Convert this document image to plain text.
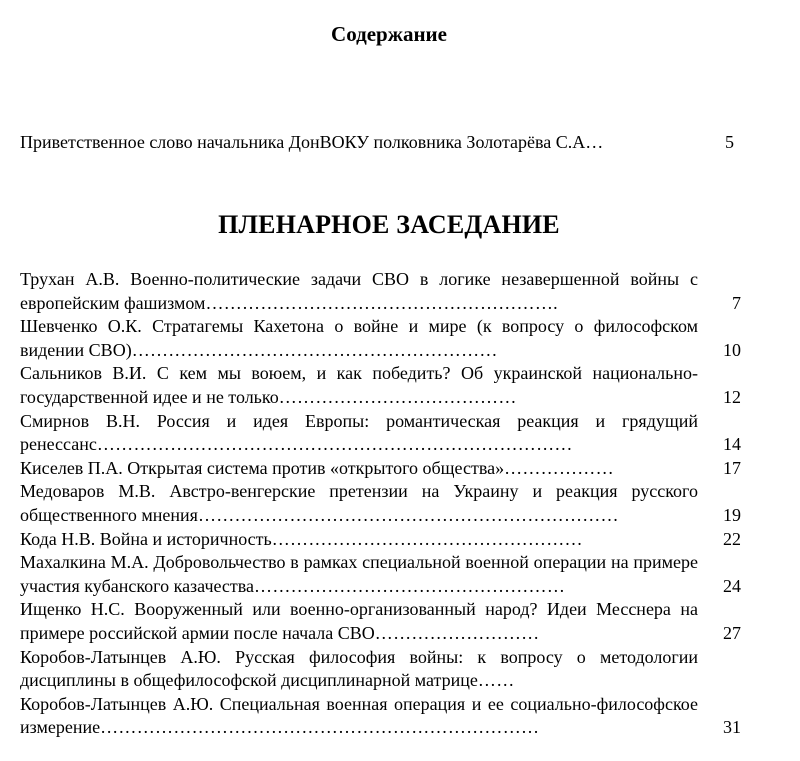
Содержание
Приветственное слово начальника ДонВОКУ полковника Золотарёва С.А…	5
ПЛЕНАРНОЕ ЗАСЕДАНИЕ
Трухан А.В. Военно-политические задачи СВО в логике незавершенной войны с европейским фашизмом………………………………………………….	7
Шевченко О.К. Стратагемы Кахетона о войне и мире (к вопросу о философском видении СВО)……………………………………………………	10
Сальников В.И. С кем мы воюем, и как победить? Об украинской национально-государственной идее и не только…………………………………	12
Смирнов В.Н. Россия и идея Европы: романтическая реакция и грядущий ренессанс……………………………………………………………………	14
Киселев П.А. Открытая система против «открытого общества»………………	17
Медоваров М.В. Австро-венгерские претензии на Украину и реакция русского общественного мнения……………………………………………………………	19
Кода Н.В. Война и историчность……………………………………………	22
Махалкина М.А. Добровольчество в рамках специальной военной операции на примере участия кубанского казачества……………………………………………	24
Ищенко Н.С. Вооруженный или военно-организованный народ? Идеи Месснера на примере российской армии после начала СВО………………………	27
Коробов-Латынцев А.Ю. Русская философия войны: к вопросу о методологии дисциплины в общефилософской дисциплинарной матрице……
Коробов-Латынцев А.Ю. Специальная военная операция и ее социально-философское измерение………………………………………………………………	31
